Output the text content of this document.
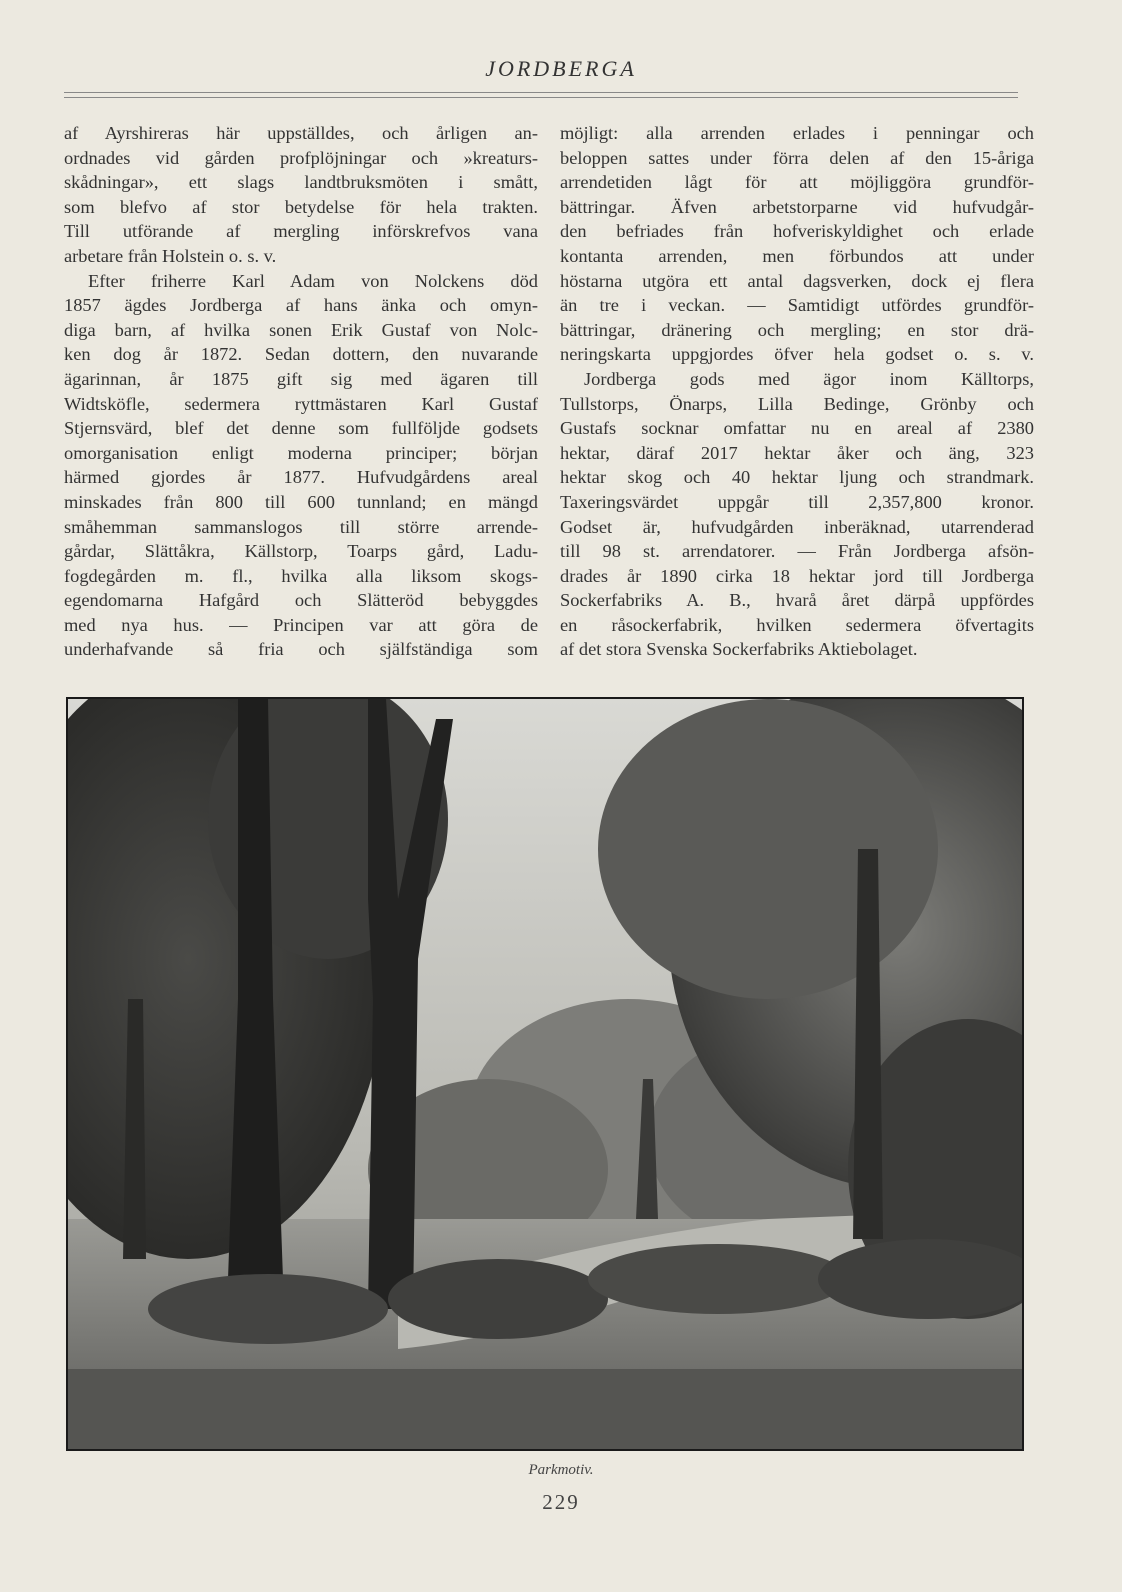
JORDBERGA
af Ayrshireras här uppställdes, och årligen an-
ordnades vid gården profplöjningar och »kreaturs-
skådningar», ett slags landtbruksmöten i smått,
som blefvo af stor betydelse för hela trakten.
Till utförande af mergling införskrefvos vana
arbetare från Holstein o. s. v.
Efter friherre Karl Adam von Nolckens död
1857 ägdes Jordberga af hans änka och omyn-
diga barn, af hvilka sonen Erik Gustaf von Nolc-
ken dog år 1872. Sedan dottern, den nuvarande
ägarinnan, år 1875 gift sig med ägaren till
Widtsköfle, sedermera ryttmästaren Karl Gustaf
Stjernsvärd, blef det denne som fullföljde godsets
omorganisation enligt moderna principer; början
härmed gjordes år 1877. Hufvudgårdens areal
minskades från 800 till 600 tunnland; en mängd
småhemman sammanslogos till större arrende-
gårdar, Slättåkra, Källstorp, Toarps gård, Ladu-
fogdegården m. fl., hvilka alla liksom skogs-
egendomarna Hafgård och Slätteröd bebyggdes
med nya hus. — Principen var att göra de
underhafvande så fria och själfständiga som
möjligt: alla arrenden erlades i penningar och
beloppen sattes under förra delen af den 15-åriga
arrendetiden lågt för att möjliggöra grundför-
bättringar. Äfven arbetstorparne vid hufvudgår-
den befriades från hofveriskyldighet och erlade
kontanta arrenden, men förbundos att under
höstarna utgöra ett antal dagsverken, dock ej flera
än tre i veckan. — Samtidigt utfördes grundför-
bättringar, dränering och mergling; en stor drä-
neringskarta uppgjordes öfver hela godset o. s. v.
Jordberga gods med ägor inom Källtorps,
Tullstorps, Önarps, Lilla Bedinge, Grönby och
Gustafs socknar omfattar nu en areal af 2380
hektar, däraf 2017 hektar åker och äng, 323
hektar skog och 40 hektar ljung och strandmark.
Taxeringsvärdet uppgår till 2,357,800 kronor.
Godset är, hufvudgården inberäknad, utarrenderad
till 98 st. arrendatorer. — Från Jordberga afsön-
drades år 1890 cirka 18 hektar jord till Jordberga
Sockerfabriks A. B., hvarå året därpå uppfördes
en råsockerfabrik, hvilken sedermera öfvertagits
af det stora Svenska Sockerfabriks Aktiebolaget.
Parkmotiv.
229
